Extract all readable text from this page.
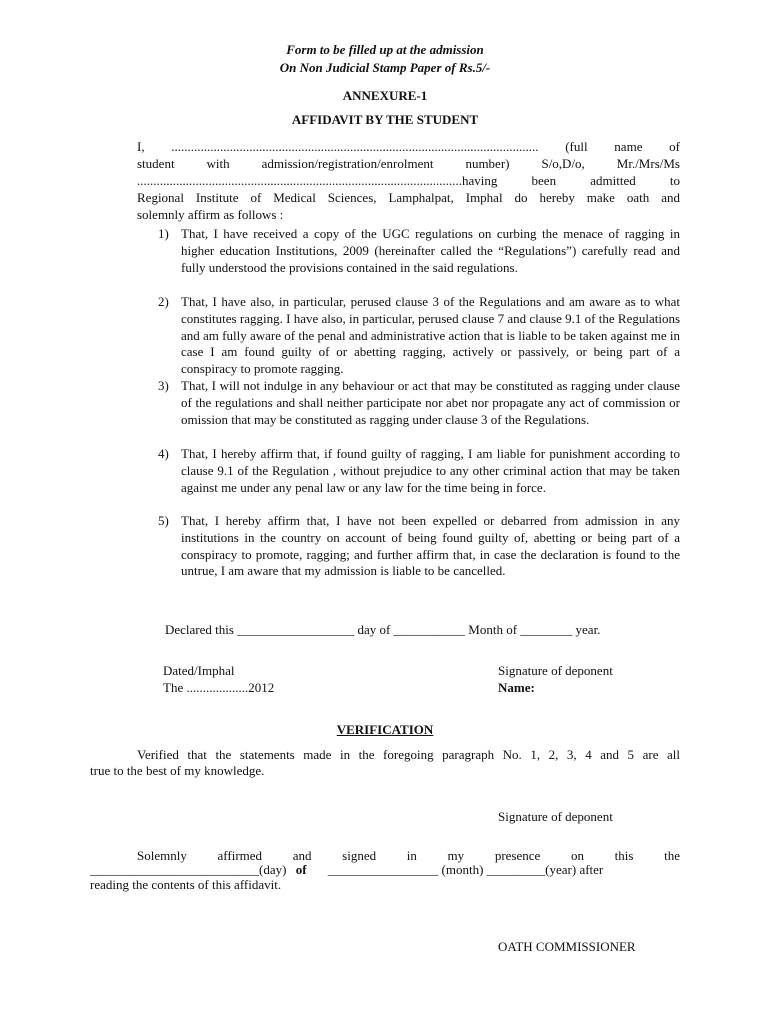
Form to be filled up at the admission
On Non Judicial Stamp Paper of Rs.5/-
ANNEXURE-1
AFFIDAVIT BY THE STUDENT
I, ................................................................................................................. (full name of
student with admission/registration/enrolment number) S/o,D/o, Mr./Mrs/Ms
....................................................................................................having been admitted to
Regional Institute of Medical Sciences, Lamphalpat, Imphal do hereby make oath and
solemnly affirm as follows :
1) That, I have received a copy of the UGC regulations on curbing the menace of ragging in higher education Institutions, 2009 (hereinafter called the “Regulations”) carefully read and fully understood the provisions contained in the said regulations.
2) That, I have also, in particular, perused clause 3 of the Regulations and am aware as to what constitutes ragging. I have also, in particular, perused clause 7 and clause 9.1 of the Regulations and am fully aware of the penal and administrative action that is liable to be taken against me in case I am found guilty of or abetting ragging, actively or passively, or being part of a conspiracy to promote ragging.
3) That, I will not indulge in any behaviour or act that may be constituted as ragging under clause of the regulations and shall neither participate nor abet nor propagate any act of commission or omission that may be constituted as ragging under clause 3 of the Regulations.
4) That, I hereby affirm that, if found guilty of ragging, I am liable for punishment according to clause 9.1 of the Regulation , without prejudice to any other criminal action that may be taken against me under any penal law or any law for the time being in force.
5) That, I hereby affirm that, I have not been expelled or debarred from admission in any institutions in the country on account of being found guilty of, abetting or being part of a conspiracy to promote, ragging; and further affirm that, in case the declaration is found to the untrue, I am aware that my admission is liable to be cancelled.
Declared this __________________ day of ___________ Month of ________ year.
Dated/Imphal
The ...................2012
Signature of deponent
Name:
VERIFICATION
Verified that the statements made in the foregoing paragraph No. 1, 2, 3, 4 and 5 are all
true to the best of my knowledge.
Signature of deponent
Solemnly affirmed and signed in my presence on this the
__________________________(day) of _________________ (month) _________(year) after
reading the contents of this affidavit.
OATH COMMISSIONER
